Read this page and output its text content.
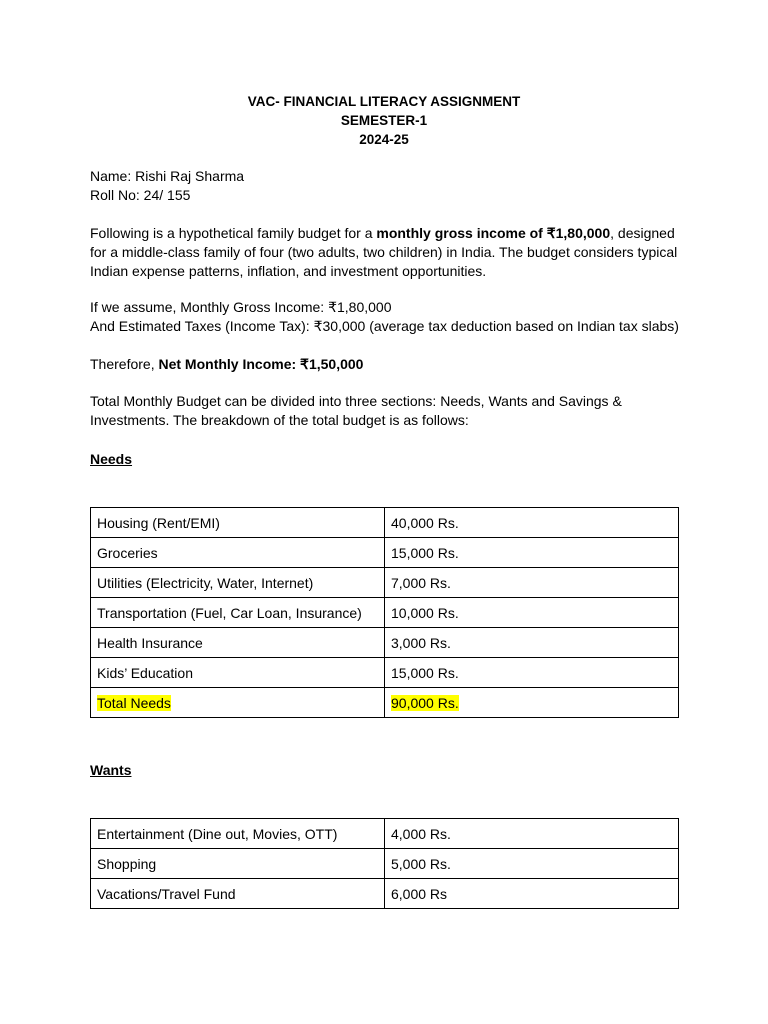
VAC- FINANCIAL LITERACY ASSIGNMENT
SEMESTER-1
2024-25
Name: Rishi Raj Sharma
Roll No: 24/ 155
Following is a hypothetical family budget for a monthly gross income of ₹1,80,000, designed for a middle-class family of four (two adults, two children) in India. The budget considers typical Indian expense patterns, inflation, and investment opportunities.
If we assume, Monthly Gross Income: ₹1,80,000
And Estimated Taxes (Income Tax): ₹30,000 (average tax deduction based on Indian tax slabs)
Therefore, Net Monthly Income: ₹1,50,000
Total Monthly Budget can be divided into three sections: Needs, Wants and Savings & Investments. The breakdown of the total budget is as follows:
Needs
Housing (Rent/EMI)	40,000 Rs.
Groceries	15,000 Rs.
Utilities (Electricity, Water, Internet)	7,000 Rs.
Transportation (Fuel, Car Loan, Insurance)	10,000 Rs.
Health Insurance	3,000 Rs.
Kids’ Education	15,000 Rs.
Total Needs	90,000 Rs.
Wants
Entertainment (Dine out, Movies, OTT)	4,000 Rs.
Shopping	5,000 Rs.
Vacations/Travel Fund	6,000 Rs
